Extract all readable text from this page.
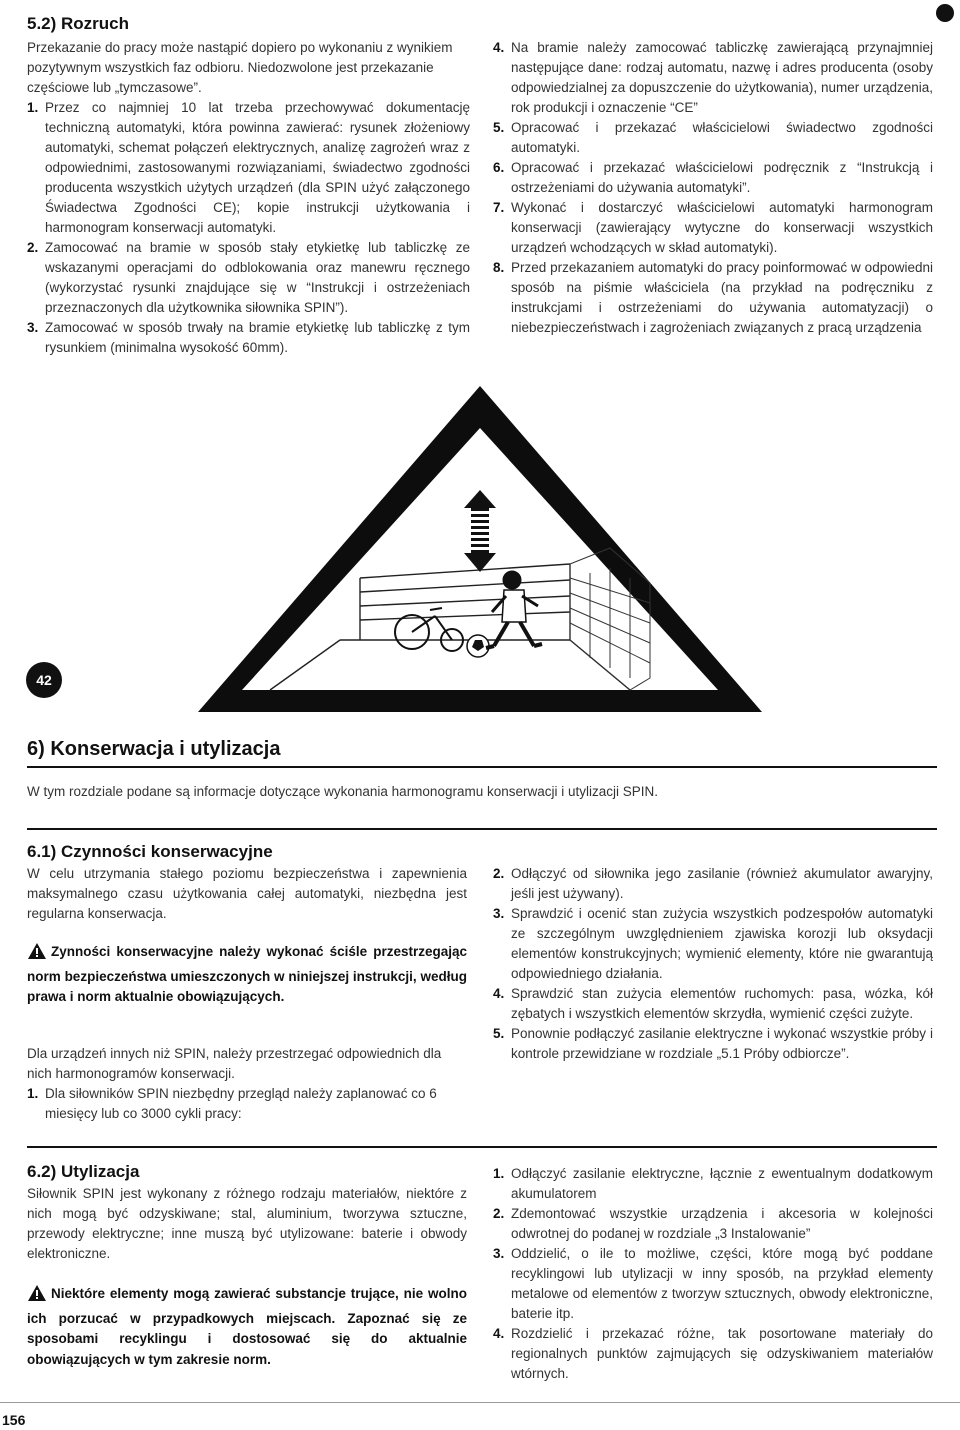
5.2) Rozruch
Przekazanie do pracy może nastąpić dopiero po wykonaniu z wynikiem pozytywnym wszystkich faz odbioru. Niedozwolone jest przekazanie częściowe lub „tymczasowe”.
1. Przez co najmniej 10 lat trzeba przechowywać dokumentację techniczną automatyki, która powinna zawierać: rysunek złożeniowy automatyki, schemat połączeń elektrycznych, analizę zagrożeń wraz z odpowiednimi, zastosowanymi rozwiązaniami, świadectwo zgodności producenta wszystkich użytych urządzeń (dla SPIN użyć załączonego Świadectwa Zgodności CE); kopie instrukcji użytkowania i harmonogram konserwacji automatyki.
2. Zamocować na bramie w sposób stały etykietkę lub tabliczkę ze wskazanymi operacjami do odblokowania oraz manewru ręcznego (wykorzystać rysunki znajdujące się w “Instrukcji i ostrzeżeniach przeznaczonych dla użytkownika siłownika SPIN”).
3. Zamocować w sposób trwały na bramie etykietkę lub tabliczkę z tym rysunkiem (minimalna wysokość 60mm).
4. Na bramie należy zamocować tabliczkę zawierającą przynajmniej następujące dane: rodzaj automatu, nazwę i adres producenta (osoby odpowiedzialnej za dopuszczenie do użytkowania), numer urządzenia, rok produkcji i oznaczenie “CE”
5. Opracować i przekazać właścicielowi świadectwo zgodności automatyki.
6. Opracować i przekazać właścicielowi podręcznik z “Instrukcją i ostrzeżeniami do używania automatyki”.
7. Wykonać i dostarczyć właścicielowi automatyki harmonogram konserwacji (zawierający wytyczne do konserwacji wszystkich urządzeń wchodzących w skład automatyki).
8. Przed przekazaniem automatyki do pracy poinformować w odpowiedni sposób na piśmie właściciela (na przykład na podręczniku z instrukcjami i ostrzeżeniami do używania automatyzacji) o niebezpieczeństwach i zagrożeniach związanych z pracą urządzenia
42
6) Konserwacja i utylizacja
W tym rozdziale podane są informacje dotyczące wykonania harmonogramu konserwacji i utylizacji SPIN.
6.1) Czynności konserwacyjne
W celu utrzymania stałego poziomu bezpieczeństwa i zapewnienia maksymalnego czasu użytkowania całej automatyki, niezbędna jest regularna konserwacja.
Zynności konserwacyjne należy wykonać ściśle przestrzegając norm bezpieczeństwa umieszczonych w niniejszej instrukcji, według prawa i norm aktualnie obowiązujących.
Dla urządzeń innych niż SPIN, należy przestrzegać odpowiednich dla nich harmonogramów konserwacji.
1. Dla siłowników SPIN niezbędny przegląd należy zaplanować co 6 miesięcy lub co 3000 cykli pracy:
2. Odłączyć od siłownika jego zasilanie (również akumulator awaryjny, jeśli jest używany).
3. Sprawdzić i ocenić stan zużycia wszystkich podzespołów automatyki ze szczególnym uwzględnieniem zjawiska korozji lub oksydacji elementów konstrukcyjnych; wymienić elementy, które nie gwarantują odpowiedniego działania.
4. Sprawdzić stan zużycia elementów ruchomych: pasa, wózka, kół zębatych i wszystkich elementów skrzydła, wymienić części zużyte.
5. Ponownie podłączyć zasilanie elektryczne i wykonać wszystkie próby i kontrole przewidziane w rozdziale „5.1 Próby odbiorcze”.
6.2) Utylizacja
Siłownik SPIN jest wykonany z różnego rodzaju materiałów, niektóre z nich mogą być odzyskiwane; stal, aluminium, tworzywa sztuczne, przewody elektryczne; inne muszą być utylizowane: baterie i obwody elektroniczne.
Niektóre elementy mogą zawierać substancje trujące, nie wolno ich porzucać w przypadkowych miejscach. Zapoznać się ze sposobami recyklingu i dostosować się do aktualnie obowiązujących w tym zakresie norm.
1. Odłączyć zasilanie elektryczne, łącznie z ewentualnym dodatkowym akumulatorem
2. Zdemontować wszystkie urządzenia i akcesoria w kolejności odwrotnej do podanej w rozdziale „3 Instalowanie”
3. Oddzielić, o ile to możliwe, części, które mogą być poddane recyklingowi lub utylizacji w inny sposób, na przykład elementy metalowe od elementów z tworzyw sztucznych, obwody elektroniczne, baterie itp.
4. Rozdzielić i przekazać różne, tak posortowane materiały do regionalnych punktów zajmujących się odzyskiwaniem materiałów wtórnych.
156
